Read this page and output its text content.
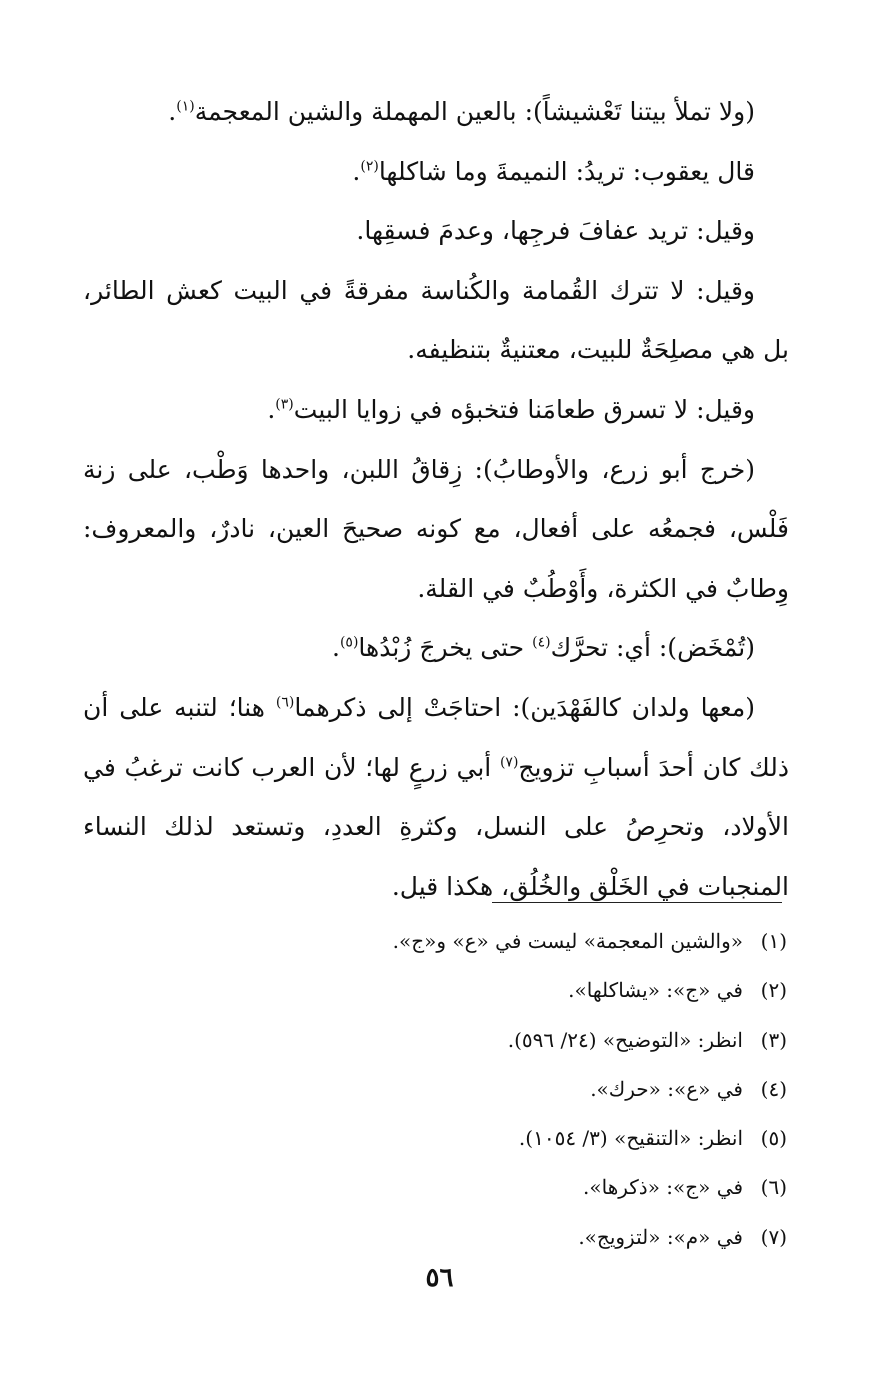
(ولا تملأ بيتنا تَعْشيشاً): بالعين المهملة والشين المعجمة$^{(١)}$.

قال يعقوب: تريدُ: النميمةَ وما شاكلها$^{(٢)}$.

وقيل: تريد عفافَ فرجِها، وعدمَ فسقِها.

وقيل: لا تترك القُمامة والكُناسة مفرقةً في البيت كعش الطائر، بل هي مصلِحَةٌ للبيت، معتنيةٌ بتنظيفه.

وقيل: لا تسرق طعامَنا فتخبؤه في زوايا البيت$^{(٣)}$.

(خرج أبو زرع، والأوطابُ): زِقاقُ اللبن، واحدها وَطْب، على زنة فَلْس، فجمعُه على أفعال، مع كونه صحيحَ العين، نادرٌ، والمعروف: وِطابٌ في الكثرة، وأَوْطُبٌ في القلة.

(تُمْخَض): أي: تحرَّك$^{(٤)}$ حتى يخرجَ زُبْدُها$^{(٥)}$.

(معها ولدان كالفَهْدَين): احتاجَتْ إلى ذكرهما$^{(٦)}$ هنا؛ لتنبه على أن ذلك كان أحدَ أسبابِ تزويج$^{(٧)}$ أبي زرعٍ لها؛ لأن العرب كانت ترغبُ في الأولاد، وتحرِصُ على النسل، وكثرةِ العددِ، وتستعد لذلك النساء المنجبات في الخَلْق والخُلُق، هكذا قيل.

(١)«والشين المعجمة» ليست في «ع» و«ج».
(٢)في «ج»: «يشاكلها».
(٣)انظر: «التوضيح» (٢٤/ ٥٩٦).
(٤)في «ع»: «حرك».
(٥)انظر: «التنقيح» (٣/ ١٠٥٤).
(٦)في «ج»: «ذكرها».
(٧)في «م»: «لتزويج».
٥٦
